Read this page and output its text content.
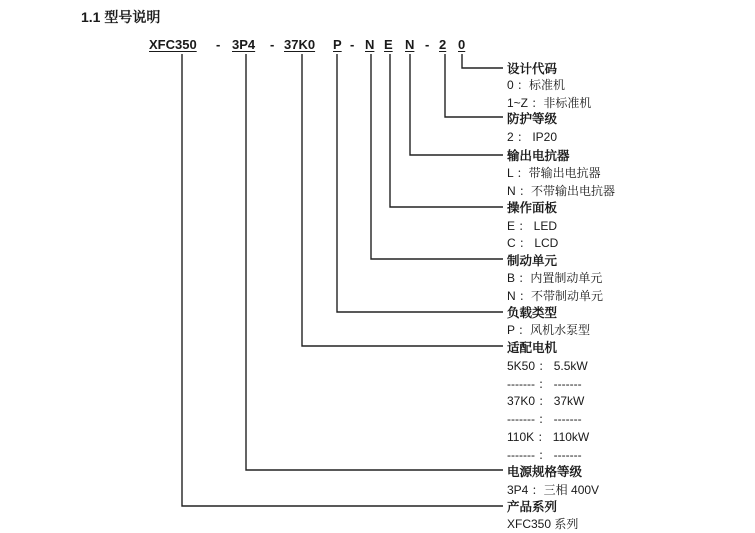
1.1 型号说明
XFC350 - 3P4 - 37K0 P - N E N - 2 0
设计代码
0 ：标准机
1~Z ：非标准机
防护等级
2 ： IP20
输出电抗器
L ：带输出电抗器
N ：不带输出电抗器
操作面板
E ： LED
C ： LCD
制动单元
B ：内置制动单元
N ：不带制动单元
负载类型
P ：风机水泵型
适配电机
5K50 ： 5.5kW
------- ： -------
37K0 ： 37kW
------- ： -------
110K ： 110kW
------- ： -------
电源规格等级
3P4 ：三相 400V
产品系列
XFC350 系列
